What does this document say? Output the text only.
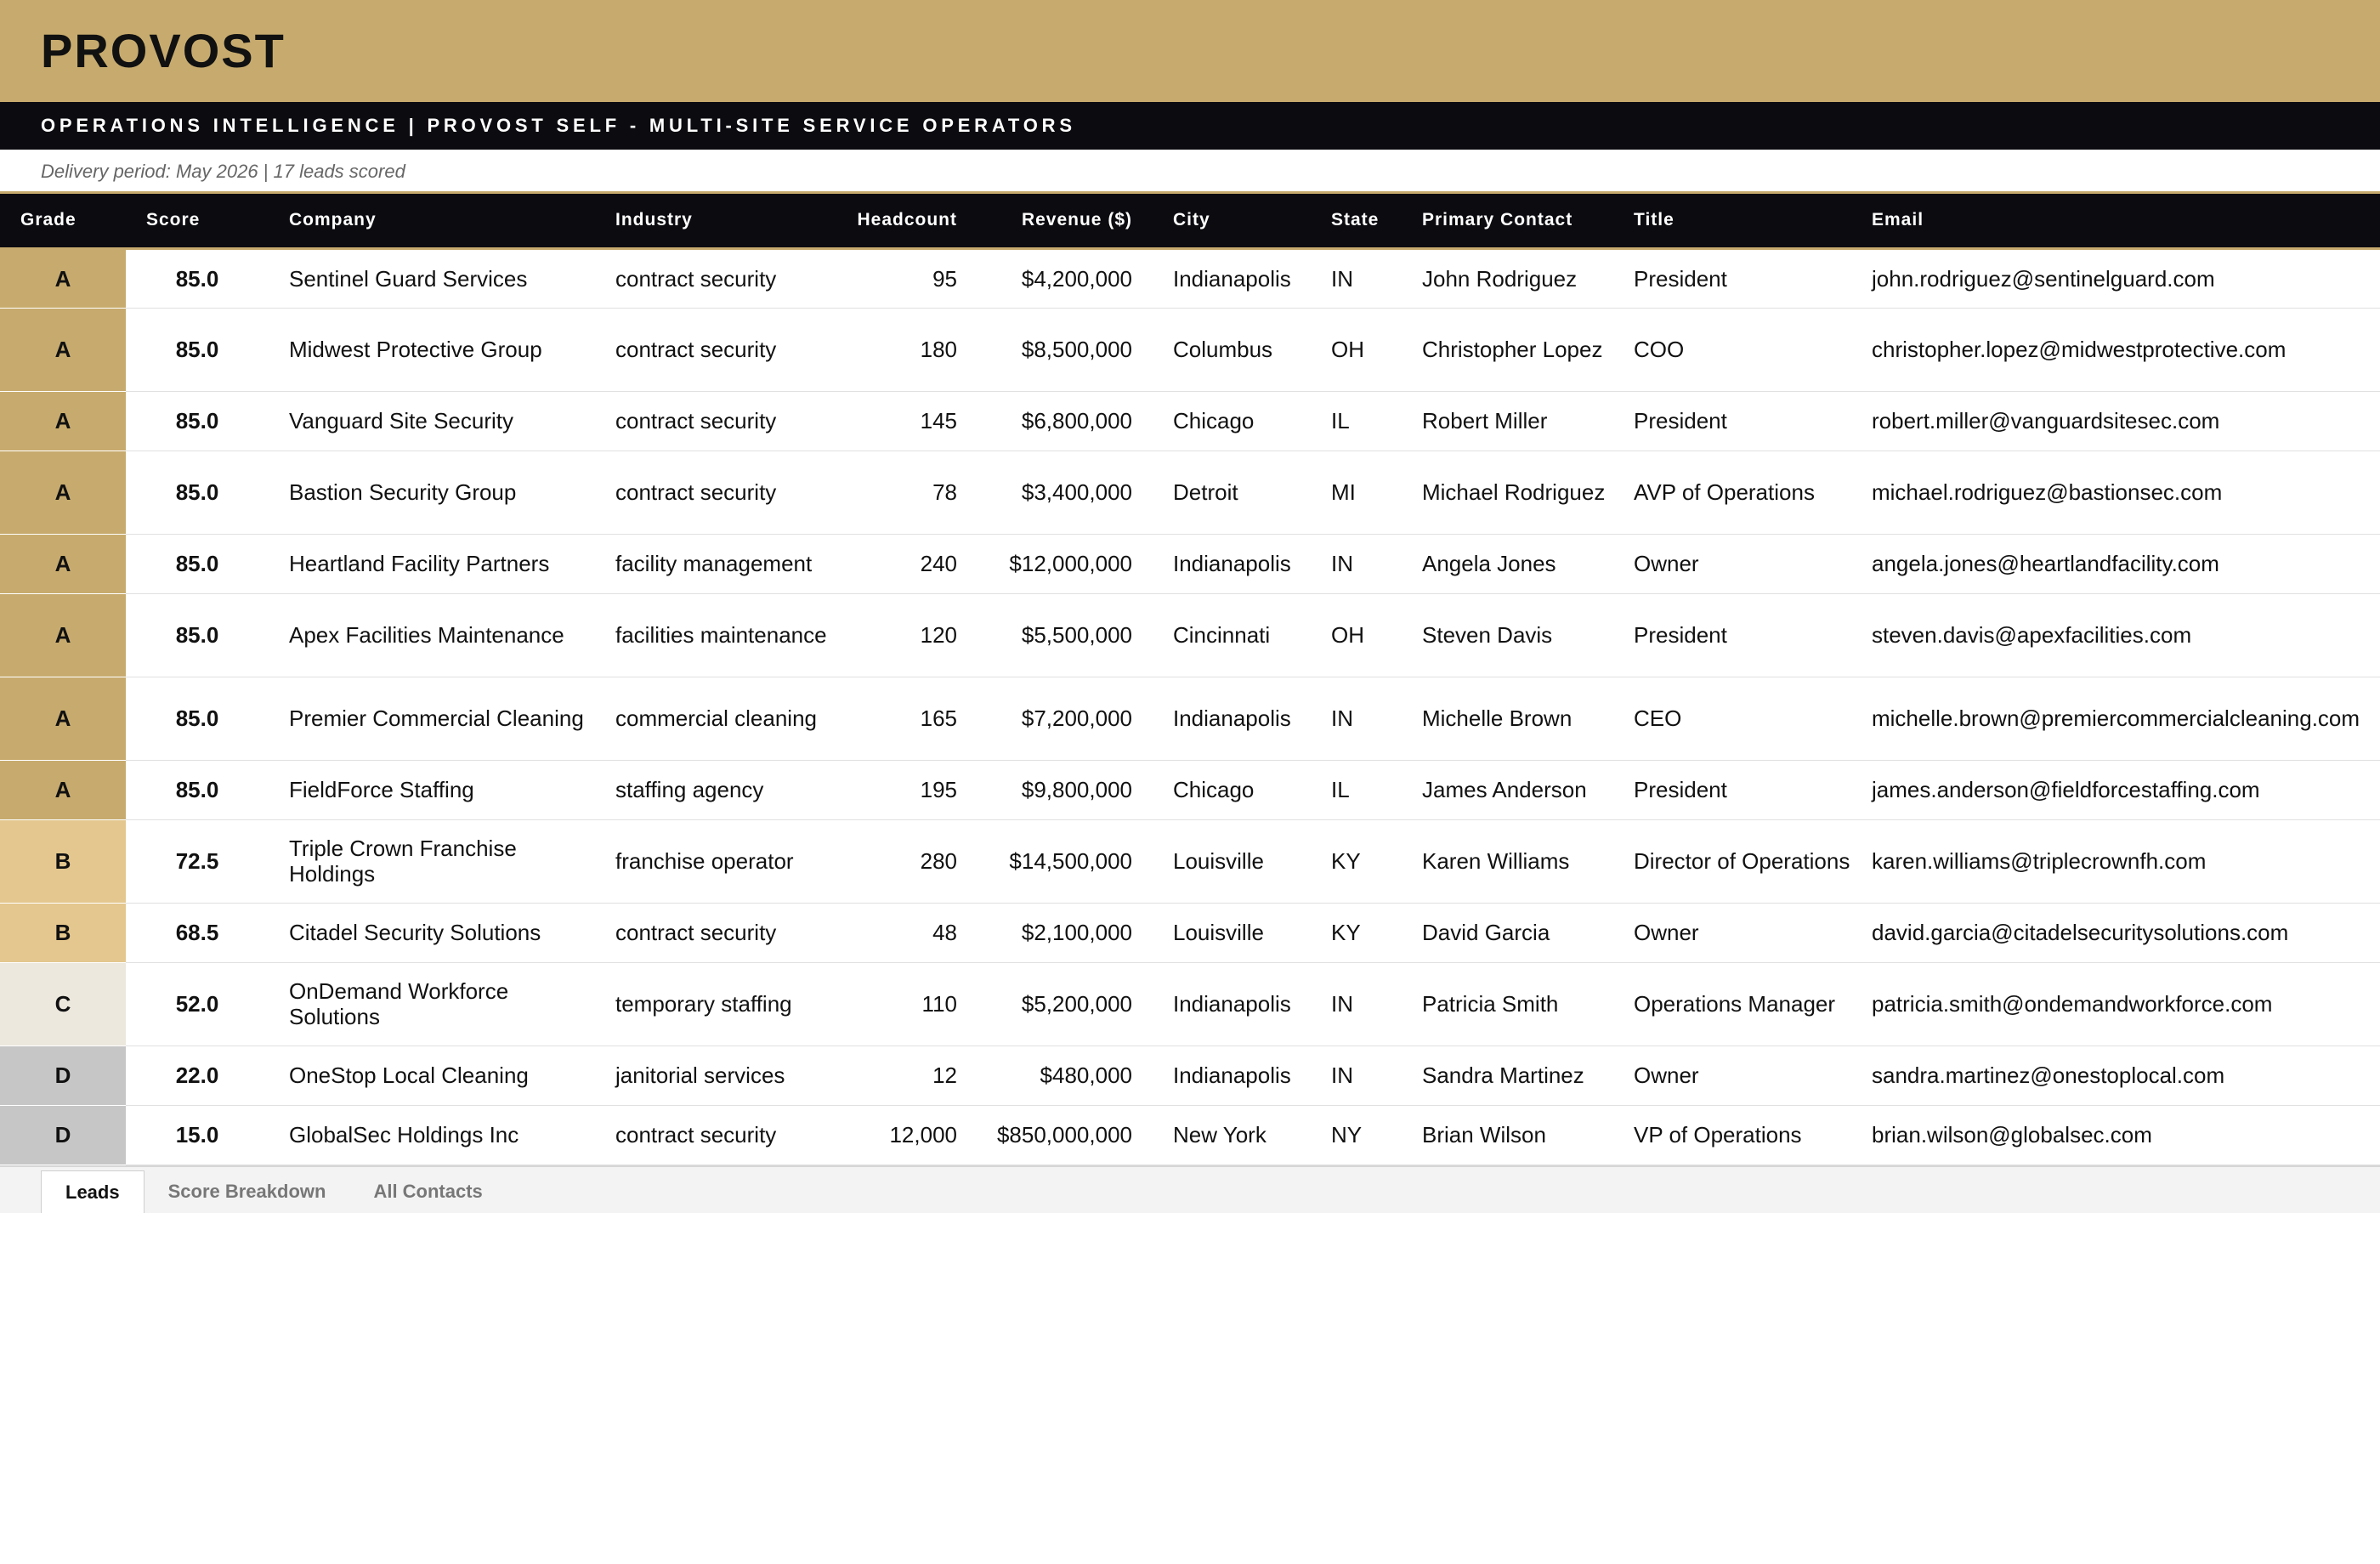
PROVOST
OPERATIONS INTELLIGENCE | PROVOST SELF - MULTI-SITE SERVICE OPERATORS
Delivery period: May 2026 | 17 leads scored
Grade	Score	Company	Industry	Headcount	Revenue ($)	City	State	Primary Contact	Title	Email
A	85.0	Sentinel Guard Services	contract security	95	$4,200,000	Indianapolis	IN	John Rodriguez	President	john.rodriguez@sentinelguard.com
A	85.0	Midwest Protective Group	contract security	180	$8,500,000	Columbus	OH	Christopher Lopez	COO	christopher.lopez@midwestprotective.com
A	85.0	Vanguard Site Security	contract security	145	$6,800,000	Chicago	IL	Robert Miller	President	robert.miller@vanguardsitesec.com
A	85.0	Bastion Security Group	contract security	78	$3,400,000	Detroit	MI	Michael Rodriguez	AVP of Operations	michael.rodriguez@bastionsec.com
A	85.0	Heartland Facility Partners	facility management	240	$12,000,000	Indianapolis	IN	Angela Jones	Owner	angela.jones@heartlandfacility.com
A	85.0	Apex Facilities Maintenance	facilities maintenance	120	$5,500,000	Cincinnati	OH	Steven Davis	President	steven.davis@apexfacilities.com
A	85.0	Premier Commercial Cleaning	commercial cleaning	165	$7,200,000	Indianapolis	IN	Michelle Brown	CEO	michelle.brown@premiercommercialcleaning.com
A	85.0	FieldForce Staffing	staffing agency	195	$9,800,000	Chicago	IL	James Anderson	President	james.anderson@fieldforcestaffing.com
B	72.5	Triple Crown Franchise Holdings	franchise operator	280	$14,500,000	Louisville	KY	Karen Williams	Director of Operations	karen.williams@triplecrownfh.com
B	68.5	Citadel Security Solutions	contract security	48	$2,100,000	Louisville	KY	David Garcia	Owner	david.garcia@citadelsecuritysolutions.com
C	52.0	OnDemand Workforce Solutions	temporary staffing	110	$5,200,000	Indianapolis	IN	Patricia Smith	Operations Manager	patricia.smith@ondemandworkforce.com
D	22.0	OneStop Local Cleaning	janitorial services	12	$480,000	Indianapolis	IN	Sandra Martinez	Owner	sandra.martinez@onestoplocal.com
D	15.0	GlobalSec Holdings Inc	contract security	12,000	$850,000,000	New York	NY	Brian Wilson	VP of Operations	brian.wilson@globalsec.com
Leads	Score Breakdown	All Contacts
